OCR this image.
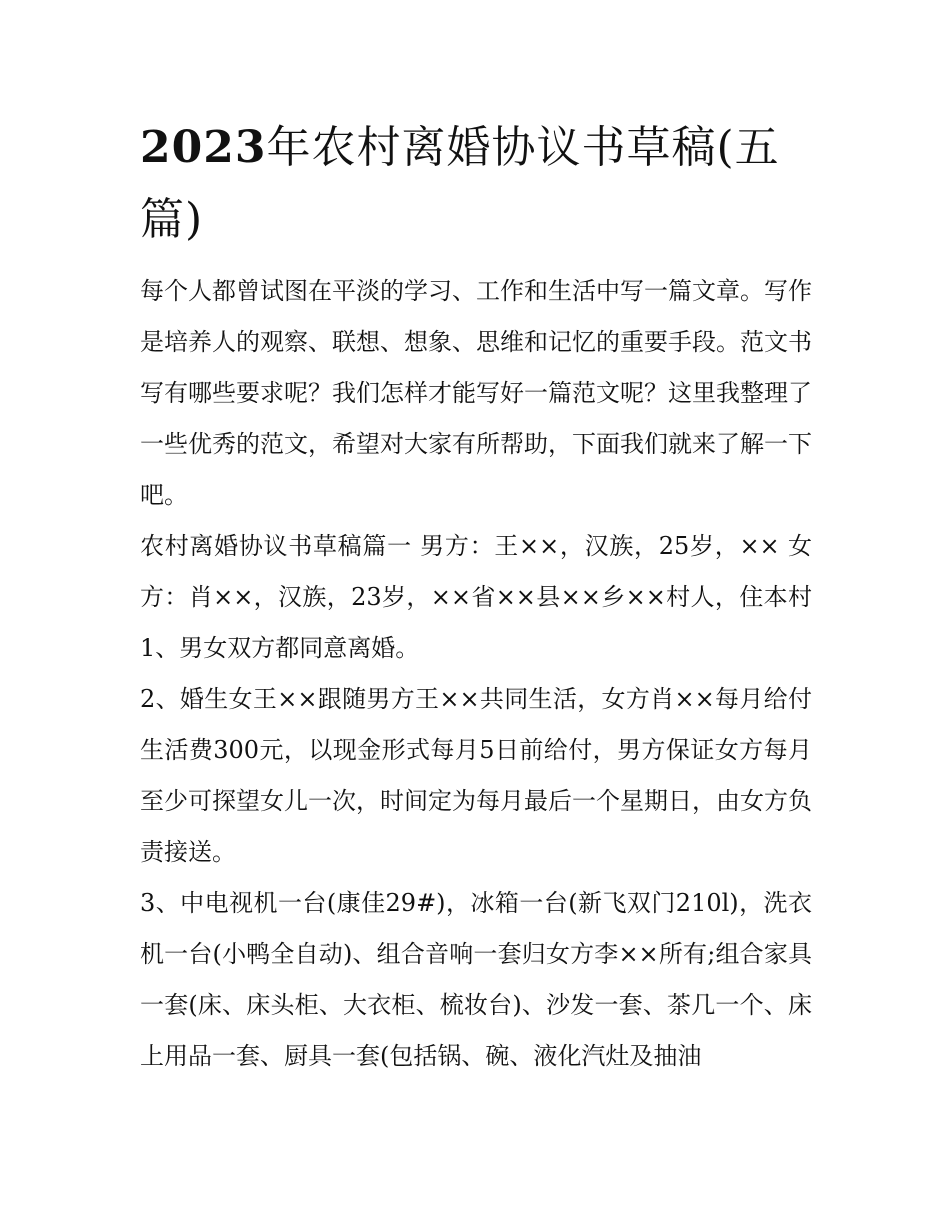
2023年农村离婚协议书草稿(五篇)

每个人都曾试图在平淡的学习、工作和生活中写一篇文章。写作是培养人的观察、联想、想象、思维和记忆的重要手段。范文书写有哪些要求呢？我们怎样才能写好一篇范文呢？这里我整理了一些优秀的范文，希望对大家有所帮助，下面我们就来了解一下吧。

农村离婚协议书草稿篇一 男方：王××，汉族，25岁，×× 女方：肖××，汉族，23岁，××省××县××乡××村人，住本村 1、男女双方都同意离婚。

2、婚生女王××跟随男方王××共同生活，女方肖××每月给付生活费300元，以现金形式每月5日前给付，男方保证女方每月至少可探望女儿一次，时间定为每月最后一个星期日，由女方负责接送。

3、中电视机一台(康佳29#)，冰箱一台(新飞双门210l)，洗衣机一台(小鸭全自动)、组合音响一套归女方李××所有;组合家具一套(床、床头柜、大衣柜、梳妆台)、沙发一套、茶几一个、床上用品一套、厨具一套(包括锅、碗、液化汽灶及抽油
